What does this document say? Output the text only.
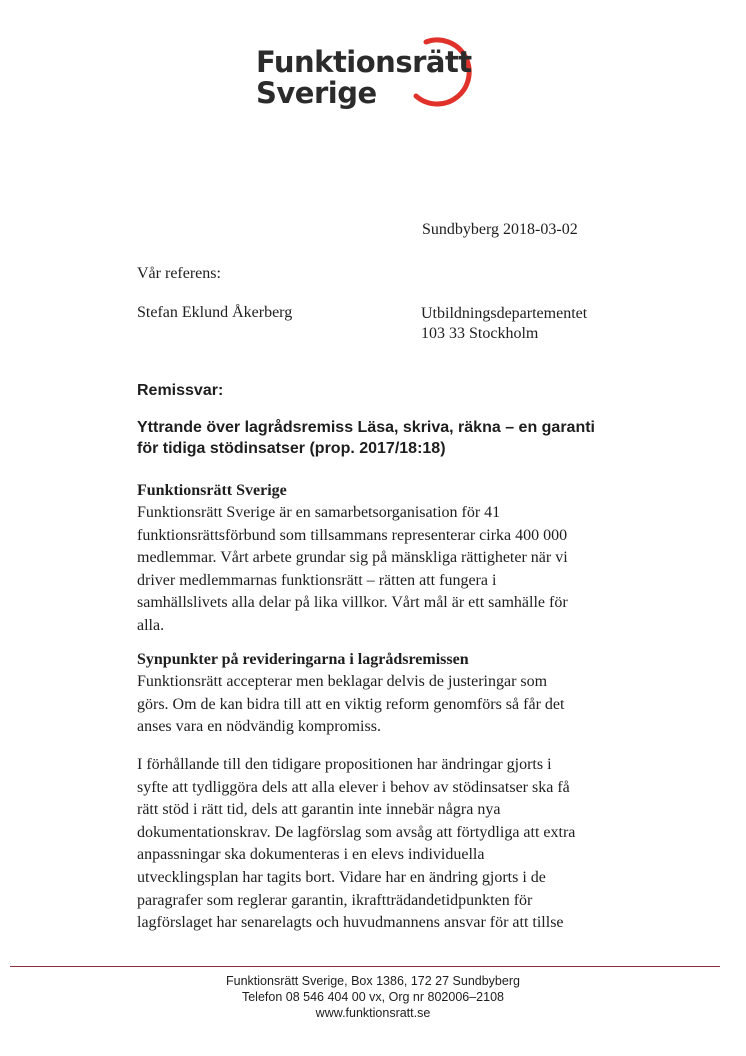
Funktionsrätt
Sverige
Sundbyberg 2018-03-02
Vår referens:
Stefan Eklund Åkerberg	Utbildningsdepartementet
103 33 Stockholm
Remissvar:
Yttrande över lagrådsremiss Läsa, skriva, räkna – en garanti för tidiga stödinsatser (prop. 2017/18:18)
Funktionsrätt Sverige
Funktionsrätt Sverige är en samarbetsorganisation för 41
funktionsrättsförbund som tillsammans representerar cirka 400 000
medlemmar. Vårt arbete grundar sig på mänskliga rättigheter när vi
driver medlemmarnas funktionsrätt – rätten att fungera i
samhällslivets alla delar på lika villkor. Vårt mål är ett samhälle för
alla.
Synpunkter på revideringarna i lagrådsremissen
Funktionsrätt accepterar men beklagar delvis de justeringar som
görs. Om de kan bidra till att en viktig reform genomförs så får det
anses vara en nödvändig kompromiss.
I förhållande till den tidigare propositionen har ändringar gjorts i
syfte att tydliggöra dels att alla elever i behov av stödinsatser ska få
rätt stöd i rätt tid, dels att garantin inte innebär några nya
dokumentationskrav. De lagförslag som avsåg att förtydliga att extra
anpassningar ska dokumenteras i en elevs individuella
utvecklingsplan har tagits bort. Vidare har en ändring gjorts i de
paragrafer som reglerar garantin, ikraftträdandetidpunkten för
lagförslaget har senarelagts och huvudmannens ansvar för att tillse
Funktionsrätt Sverige, Box 1386, 172 27 Sundbyberg
Telefon 08 546 404 00 vx, Org nr 802006–2108
www.funktionsratt.se
